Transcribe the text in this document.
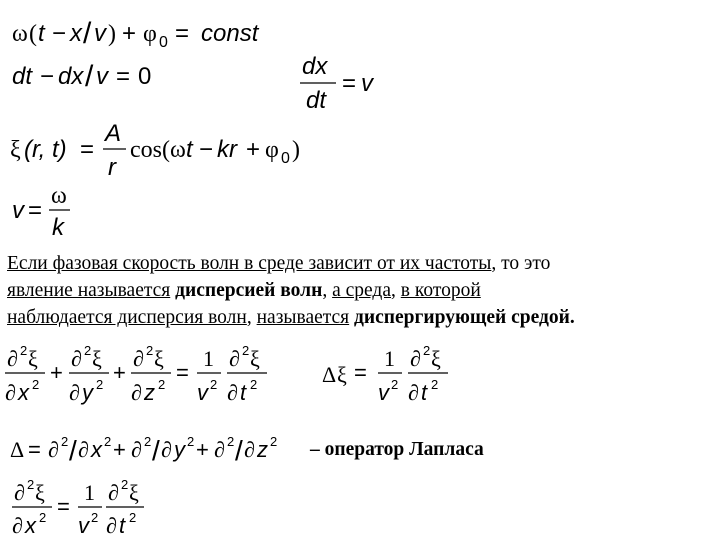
ω ( t − x / v ) + φ 0 = const
dt − dx / v = 0	dx
dt
= v
ξ (r, t) =
A
r
cos(ω t − kr + φ 0 )
v =
ω
k
Если фазовая скорость волн в среде зависит от их частоты, то это
явление называется дисперсией волн, а среда, в которой
наблюдается дисперсия волн, называется диспергирующей средой.
∂ 2 ξ
∂ x 2 +
∂ 2 ξ
∂ y 2 +
∂ 2 ξ
∂ z 2 =
1
v 2
∂ 2 ξ
∂ t 2	Δ ξ =
1
v 2
∂ 2 ξ
∂ t 2
Δ = ∂ 2 / ∂ x 2 + ∂ 2 / ∂ y 2 + ∂ 2 / ∂ z 2 – оператор Лапласа
∂ 2 ξ
∂ x 2 =
1
v 2
∂ 2 ξ
∂ t 2
